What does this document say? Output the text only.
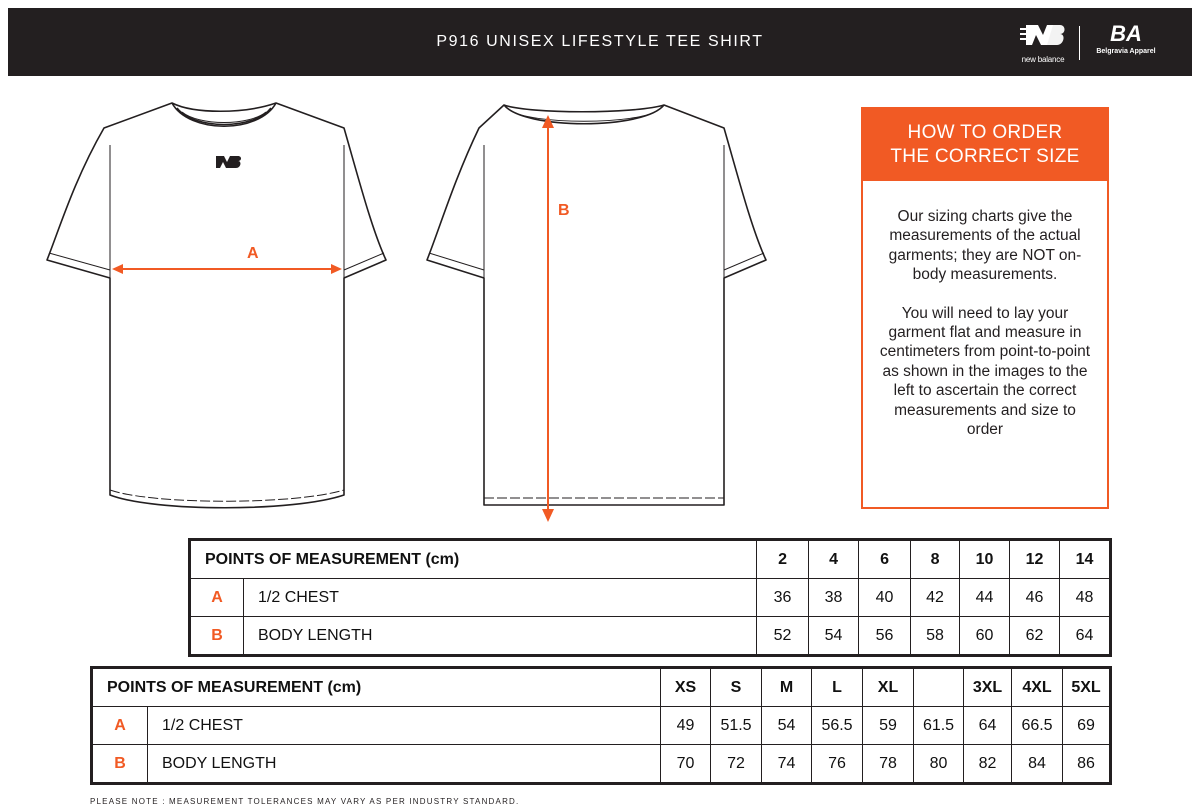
P916 UNISEX LIFESTYLE TEE SHIRT
new balance
BA
Belgravia Apparel
A
B
HOW TO ORDER
THE CORRECT SIZE

Our sizing charts give the measurements of the actual garments; they are NOT on-body measurements.

You will need to lay your garment flat and measure in centimeters from point-to-point as shown in the images to the left to ascertain the correct measurements and size to order

POINTS OF MEASUREMENT (cm)		2	4	6	8	10	12	14
A	1/2 CHEST	36	38	40	42	44	46	48
B	BODY LENGTH	52	54	56	58	60	62	64
POINTS OF MEASUREMENT (cm)		XS	S	M	L	XL		3XL	4XL	5XL
A	1/2 CHEST	49	51.5	54	56.5	59	61.5	64	66.5	69
B	BODY LENGTH	70	72	74	76	78	80	82	84	86
PLEASE NOTE : MEASUREMENT TOLERANCES MAY VARY AS PER INDUSTRY STANDARD.
